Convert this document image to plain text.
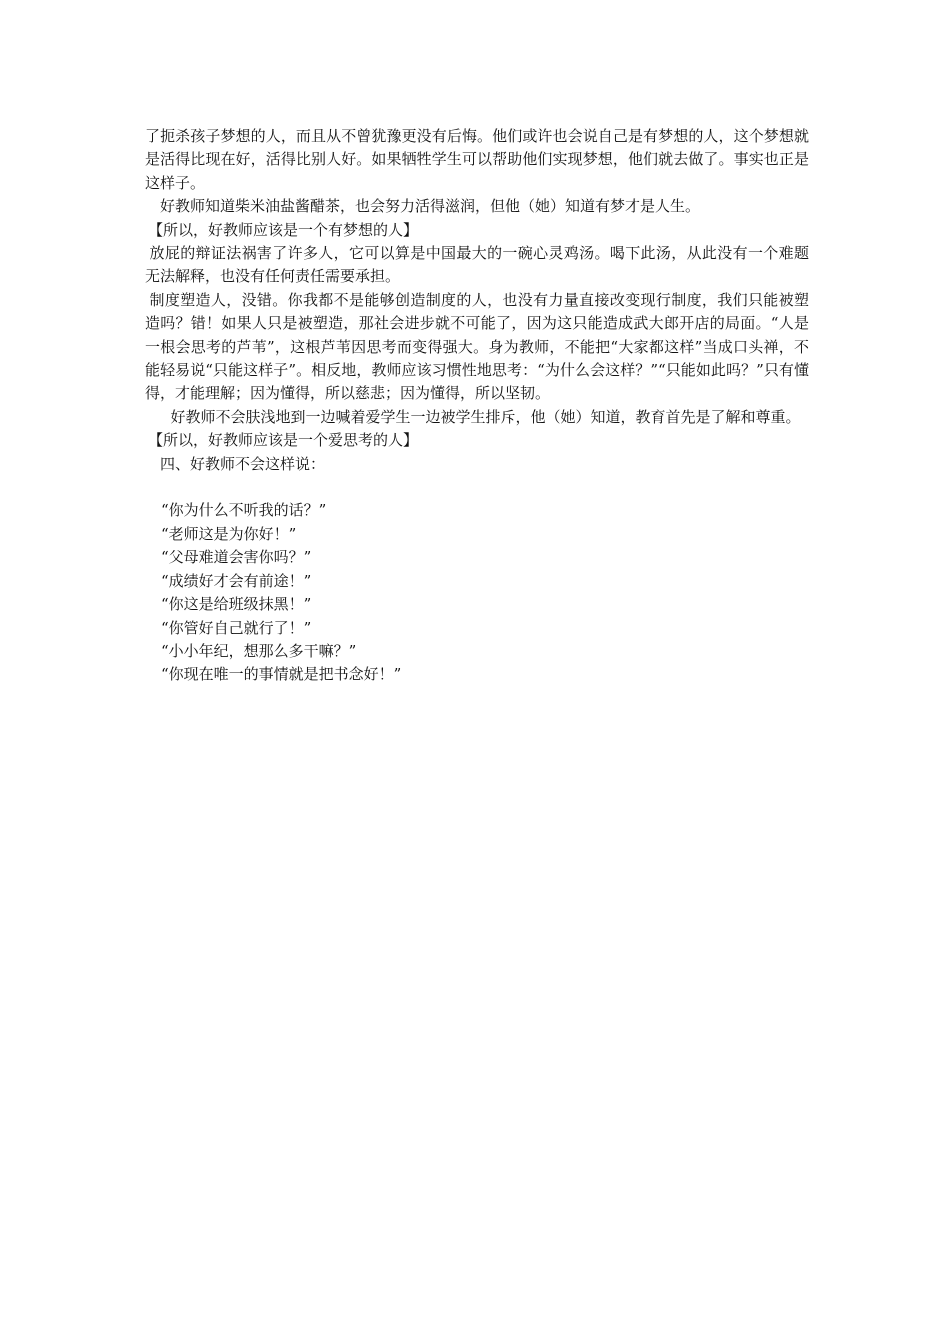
了扼杀孩子梦想的人，而且从不曾犹豫更没有后悔。他们或许也会说自己是有梦想的人，这个梦想就是活得比现在好，活得比别人好。如果牺牲学生可以帮助他们实现梦想，他们就去做了。事实也正是这样子。

好教师知道柴米油盐酱醋茶，也会努力活得滋润，但他（她）知道有梦才是人生。

【所以，好教师应该是一个有梦想的人】

放屁的辩证法祸害了许多人，它可以算是中国最大的一碗心灵鸡汤。喝下此汤，从此没有一个难题无法解释，也没有任何责任需要承担。

制度塑造人，没错。你我都不是能够创造制度的人，也没有力量直接改变现行制度，我们只能被塑造吗？错！如果人只是被塑造，那社会进步就不可能了，因为这只能造成武大郎开店的局面。“人是一根会思考的芦苇”，这根芦苇因思考而变得强大。身为教师，不能把“大家都这样”当成口头禅，不能轻易说“只能这样子”。相反地，教师应该习惯性地思考：“为什么会这样？”“只能如此吗？”只有懂得，才能理解；因为懂得，所以慈悲；因为懂得，所以坚韧。

好教师不会肤浅地到一边喊着爱学生一边被学生排斥，他（她）知道，教育首先是了解和尊重。

【所以，好教师应该是一个爱思考的人】

四、好教师不会这样说：

“你为什么不听我的话？”
“老师这是为你好！”
“父母难道会害你吗？”
“成绩好才会有前途！”
“你这是给班级抹黑！”
“你管好自己就行了！”
“小小年纪，想那么多干嘛？”
“你现在唯一的事情就是把书念好！”
